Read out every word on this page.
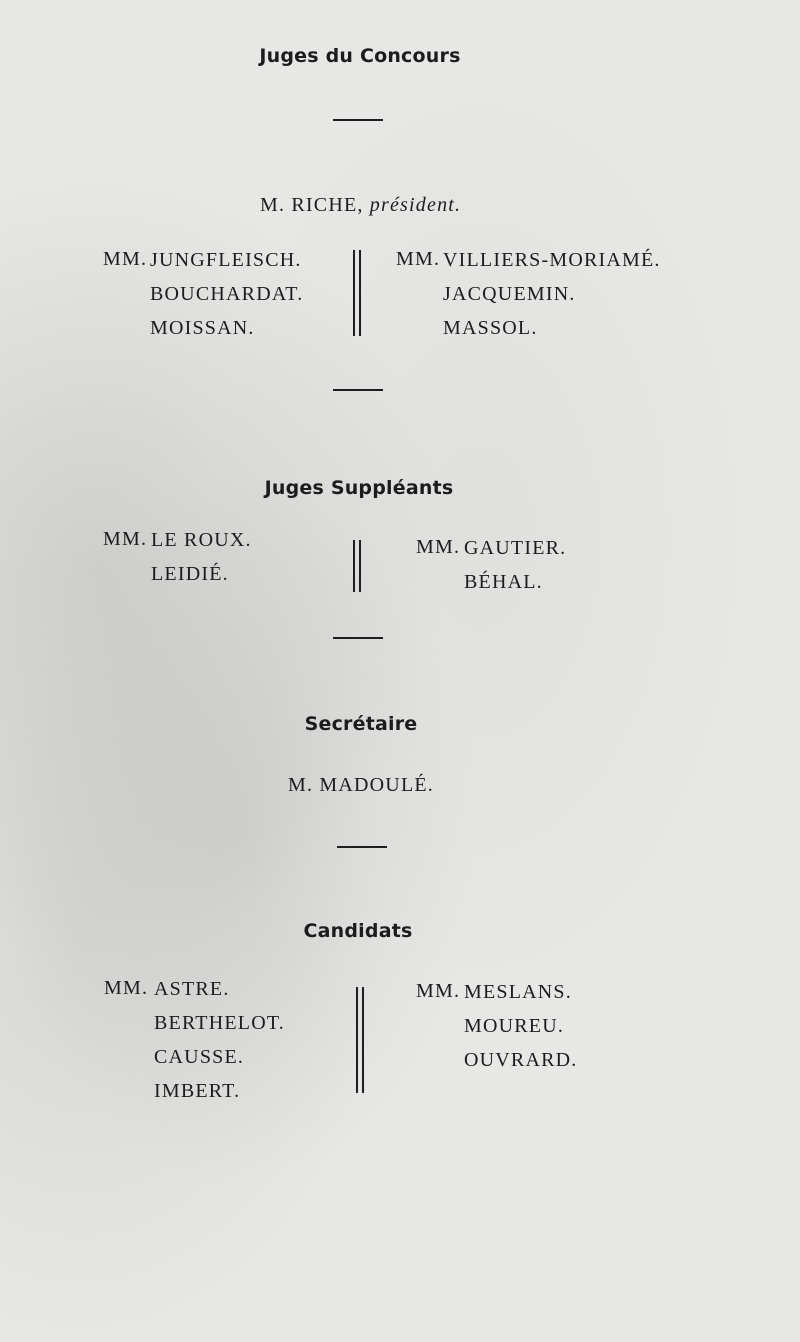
Juges du Concours
M. RICHE, président.
MM. JUNGFLEISCH.
BOUCHARDAT.
MOISSAN.
MM. VILLIERS-MORIAMÉ.
JACQUEMIN.
MASSOL.
Juges Suppléants
MM. LE ROUX.
LEIDIÉ.
MM. GAUTIER.
BÉHAL.
Secrétaire
M. MADOULÉ.
Candidats
MM. ASTRE.
BERTHELOT.
CAUSSE.
IMBERT.
MM. MESLANS.
MOUREU.
OUVRARD.
